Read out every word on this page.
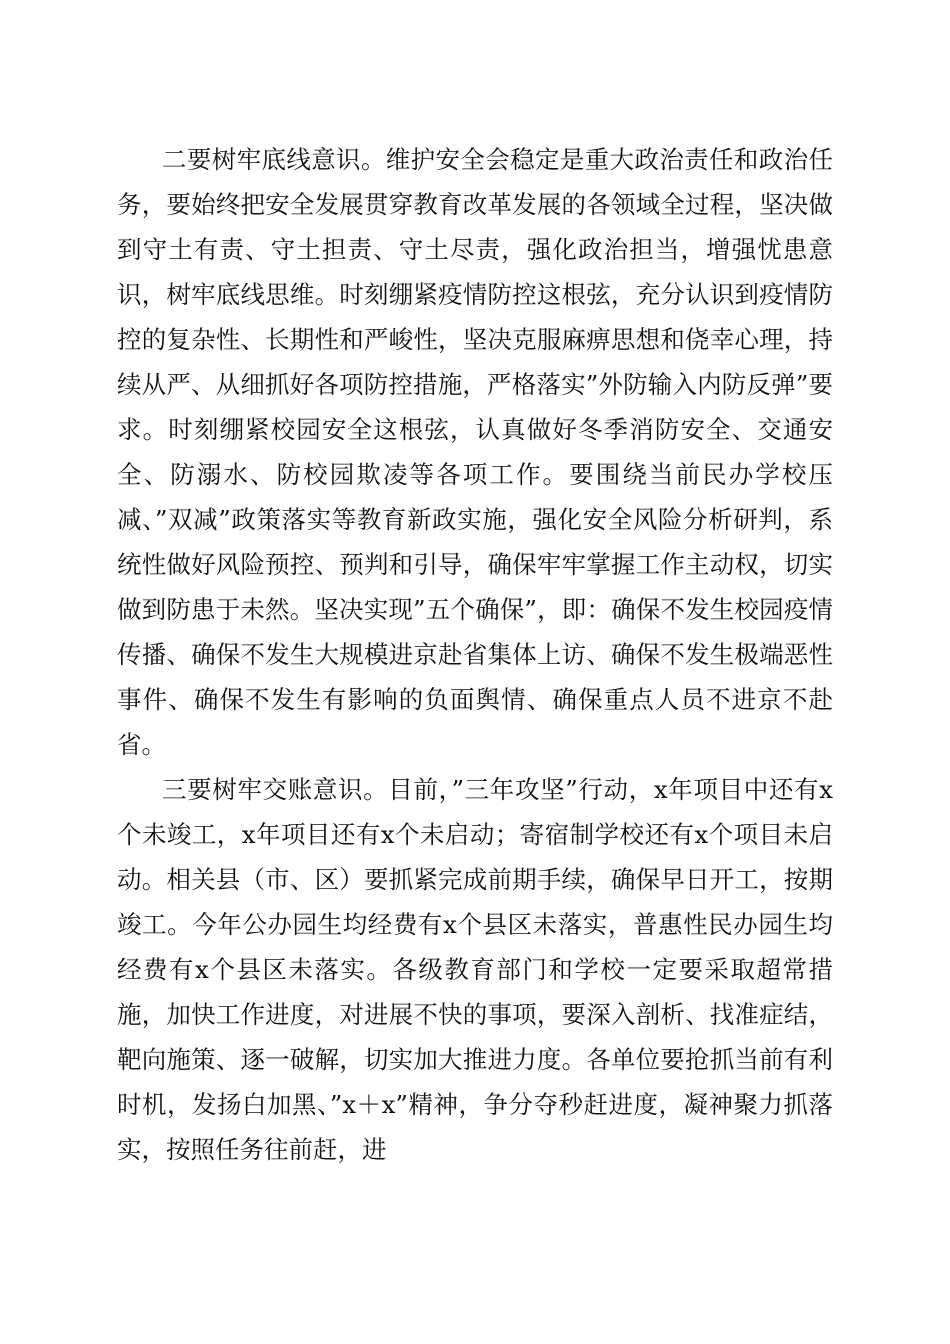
二要树牢底线意识。维护安全会稳定是重大政治责任和政治任务，要始终把安全发展贯穿教育改革发展的各领域全过程，坚决做到守土有责、守土担责、守土尽责，强化政治担当，增强忧患意识，树牢底线思维。时刻绷紧疫情防控这根弦，充分认识到疫情防控的复杂性、长期性和严峻性，坚决克服麻痹思想和侥幸心理，持续从严、从细抓好各项防控措施，严格落实”外防输入内防反弹”要求。时刻绷紧校园安全这根弦，认真做好冬季消防安全、交通安全、防溺水、防校园欺凌等各项工作。要围绕当前民办学校压减、”双减”政策落实等教育新政实施，强化安全风险分析研判，系统性做好风险预控、预判和引导，确保牢牢掌握工作主动权，切实做到防患于未然。坚决实现”五个确保”，即：确保不发生校园疫情传播、确保不发生大规模进京赴省集体上访、确保不发生极端恶性事件、确保不发生有影响的负面舆情、确保重点人员不进京不赴省。

三要树牢交账意识。目前，”三年攻坚”行动，x年项目中还有x个未竣工，x年项目还有x个未启动；寄宿制学校还有x个项目未启动。相关县（市、区）要抓紧完成前期手续，确保早日开工，按期竣工。今年公办园生均经费有x个县区未落实，普惠性民办园生均经费有x个县区未落实。各级教育部门和学校一定要采取超常措施，加快工作进度，对进展不快的事项，要深入剖析、找准症结，靶向施策、逐一破解，切实加大推进力度。各单位要抢抓当前有利时机，发扬白加黑、”x＋x”精神，争分夺秒赶进度，凝神聚力抓落实，按照任务往前赶，进
